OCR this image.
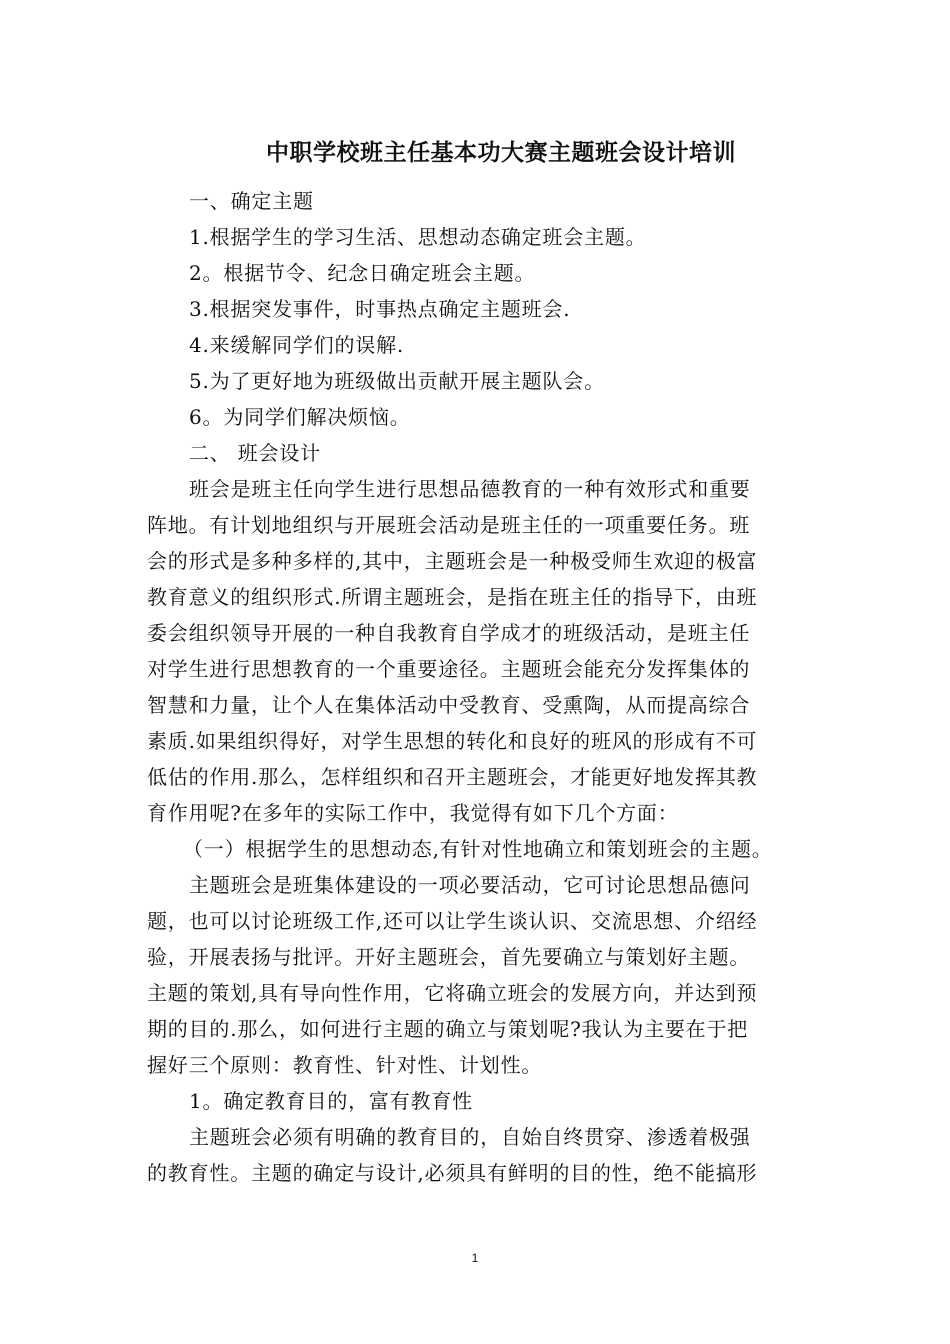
中职学校班主任基本功大赛主题班会设计培训
一、确定主题
1.根据学生的学习生活、思想动态确定班会主题。
2。根据节令、纪念日确定班会主题。
3.根据突发事件，时事热点确定主题班会.
4.来缓解同学们的误解.
5.为了更好地为班级做出贡献开展主题队会。
6。为同学们解决烦恼。
二、 班会设计
班会是班主任向学生进行思想品德教育的一种有效形式和重要
阵地。有计划地组织与开展班会活动是班主任的一项重要任务。班
会的形式是多种多样的,其中，主题班会是一种极受师生欢迎的极富
教育意义的组织形式.所谓主题班会，是指在班主任的指导下，由班
委会组织领导开展的一种自我教育自学成才的班级活动，是班主任
对学生进行思想教育的一个重要途径。主题班会能充分发挥集体的
智慧和力量，让个人在集体活动中受教育、受熏陶，从而提高综合
素质.如果组织得好，对学生思想的转化和良好的班风的形成有不可
低估的作用.那么，怎样组织和召开主题班会，才能更好地发挥其教
育作用呢?在多年的实际工作中，我觉得有如下几个方面：
（一）根据学生的思想动态,有针对性地确立和策划班会的主题。
主题班会是班集体建设的一项必要活动，它可讨论思想品德问
题，也可以讨论班级工作,还可以让学生谈认识、交流思想、介绍经
验，开展表扬与批评。开好主题班会，首先要确立与策划好主题。
主题的策划,具有导向性作用，它将确立班会的发展方向，并达到预
期的目的.那么，如何进行主题的确立与策划呢?我认为主要在于把
握好三个原则：教育性、针对性、计划性。
1。确定教育目的，富有教育性
主题班会必须有明确的教育目的，自始自终贯穿、渗透着极强
的教育性。主题的确定与设计,必须具有鲜明的目的性，绝不能搞形
1
